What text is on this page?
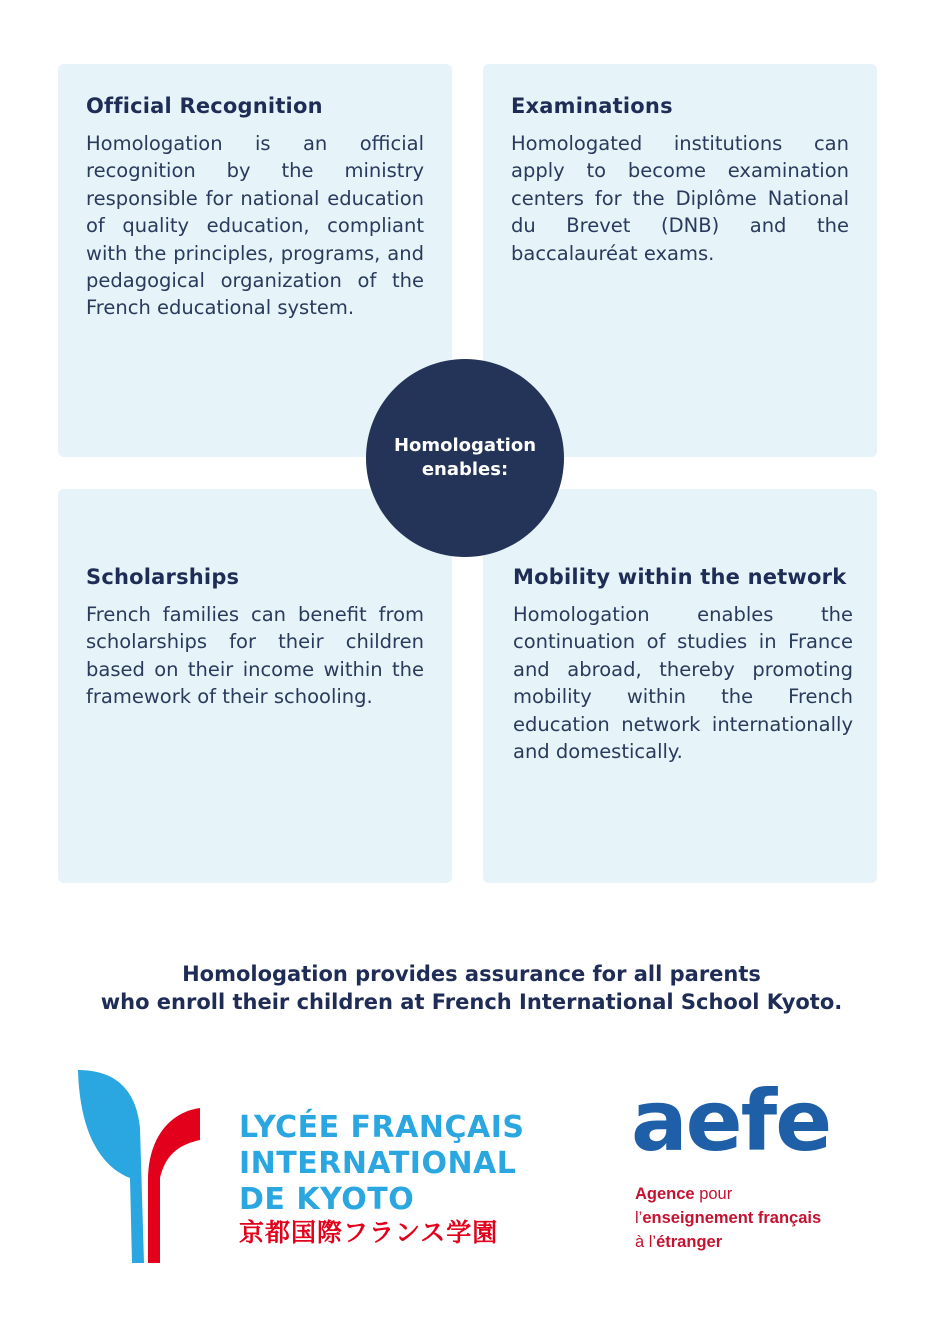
Official Recognition

Homologation is an official recognition by the ministry responsible for national education of quality education, compliant with the principles, programs, and pedagogical organization of the French educational system.

Examinations

Homologated institutions can apply to become examination centers for the Diplôme National du Brevet (DNB) and the baccalauréat exams.

Scholarships

French families can benefit from scholarships for their children based on their income within the framework of their schooling.

Mobility within the network

Homologation enables the continuation of studies in France and abroad, thereby promoting mobility within the French education network internationally and domestically.

Homologation
enables:
Homologation provides assurance for all parents
who enroll their children at French International School Kyoto.
LYCÉE FRANÇAIS
INTERNATIONAL
DE KYOTO
京都国際フランス学園
aefe
Agence pour
l’enseignement français
à l’étranger
